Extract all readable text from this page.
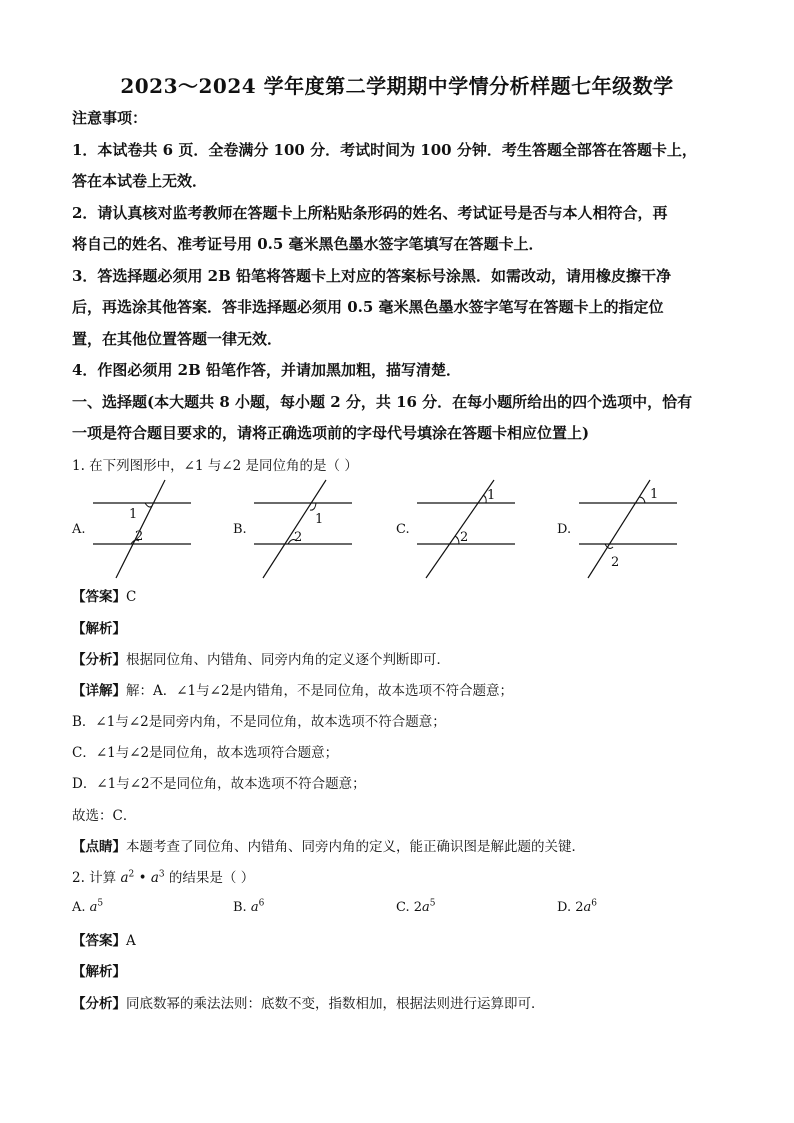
2023～2024 学年度第二学期期中学情分析样题七年级数学
注意事项：
1．本试卷共 6 页．全卷满分 100 分．考试时间为 100 分钟．考生答题全部答在答题卡上，
答在本试卷上无效．
2．请认真核对监考教师在答题卡上所粘贴条形码的姓名、考试证号是否与本人相符合，再
将自己的姓名、准考证号用 0.5 毫米黑色墨水签字笔填写在答题卡上．
3．答选择题必须用 2B 铅笔将答题卡上对应的答案标号涂黑．如需改动，请用橡皮擦干净
后，再选涂其他答案．答非选择题必须用 0.5 毫米黑色墨水签字笔写在答题卡上的指定位
置，在其他位置答题一律无效．
4．作图必须用 2B 铅笔作答，并请加黑加粗，描写清楚．
一、选择题(本大题共 8 小题，每小题 2 分，共 16 分．在每小题所给出的四个选项中，恰有
一项是符合题目要求的，请将正确选项前的字母代号填涂在答题卡相应位置上)
1. 在下列图形中，∠1 与∠2 是同位角的是（ ）
A.	B.	C.	D.
1
2
1
2
1
2
1
2
【答案】C
【解析】
【分析】根据同位角、内错角、同旁内角的定义逐个判断即可．
【详解】解：A．∠1与∠2是内错角，不是同位角，故本选项不符合题意；
B．∠1与∠2是同旁内角，不是同位角，故本选项不符合题意；
C．∠1与∠2是同位角，故本选项符合题意；
D．∠1与∠2不是同位角，故本选项不符合题意；
故选：C．
【点睛】本题考查了同位角、内错角、同旁内角的定义，能正确识图是解此题的关键．
2. 计算 $a^2$ • $a^3$ 的结果是（ ）
A. $a^5$	B. $a^6$	C. $2a^5$	D. $2a^6$
【答案】A
【解析】
【分析】同底数幂的乘法法则：底数不变，指数相加，根据法则进行运算即可．
